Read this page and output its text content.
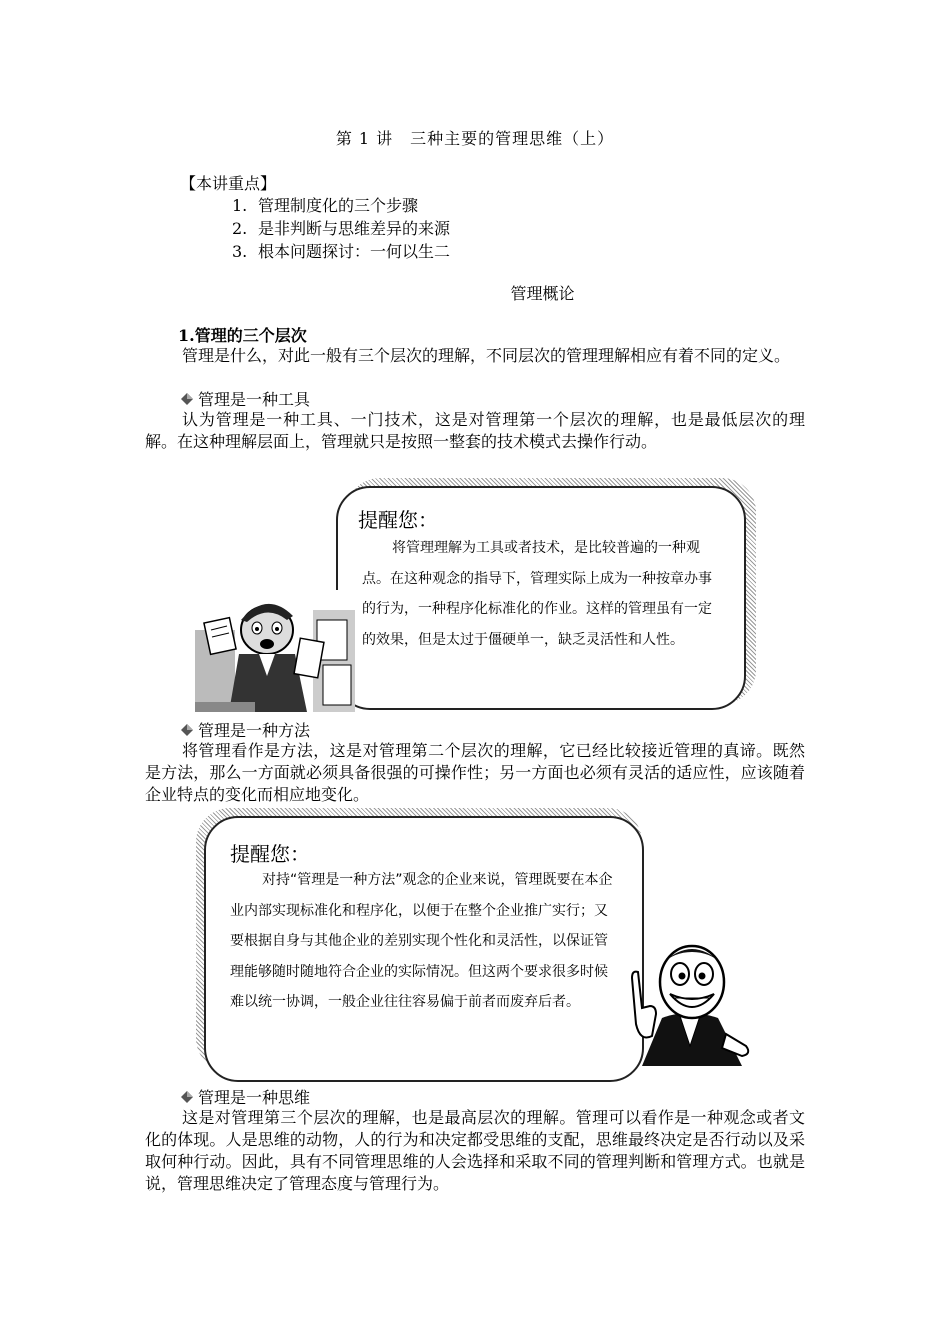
第 1 讲　三种主要的管理思维（上）
【本讲重点】
1. 管理制度化的三个步骤
2. 是非判断与思维差异的来源
3. 根本问题探讨：一何以生二
管理概论
1.管理的三个层次

管理是什么，对此一般有三个层次的理解，不同层次的管理理解相应有着不同的定义。

管理是一种工具

认为管理是一种工具、一门技术，这是对管理第一个层次的理解，也是最低层次的理解。在这种理解层面上，管理就只是按照一整套的技术模式去操作行动。

提醒您：
将管理理解为工具或者技术，是比较普遍的一种观点。在这种观念的指导下，管理实际上成为一种按章办事的行为，一种程序化标准化的作业。这样的管理虽有一定的效果，但是太过于僵硬单一，缺乏灵活性和人性。
管理是一种方法

将管理看作是方法，这是对管理第二个层次的理解，它已经比较接近管理的真谛。既然是方法，那么一方面就必须具备很强的可操作性；另一方面也必须有灵活的适应性，应该随着企业特点的变化而相应地变化。

提醒您：
对持“管理是一种方法”观念的企业来说，管理既要在本企业内部实现标准化和程序化，以便于在整个企业推广实行；又要根据自身与其他企业的差别实现个性化和灵活性，以保证管理能够随时随地符合企业的实际情况。但这两个要求很多时候难以统一协调，一般企业往往容易偏于前者而废弃后者。
管理是一种思维

这是对管理第三个层次的理解，也是最高层次的理解。管理可以看作是一种观念或者文化的体现。人是思维的动物，人的行为和决定都受思维的支配，思维最终决定是否行动以及采取何种行动。因此，具有不同管理思维的人会选择和采取不同的管理判断和管理方式。也就是说，管理思维决定了管理态度与管理行为。
